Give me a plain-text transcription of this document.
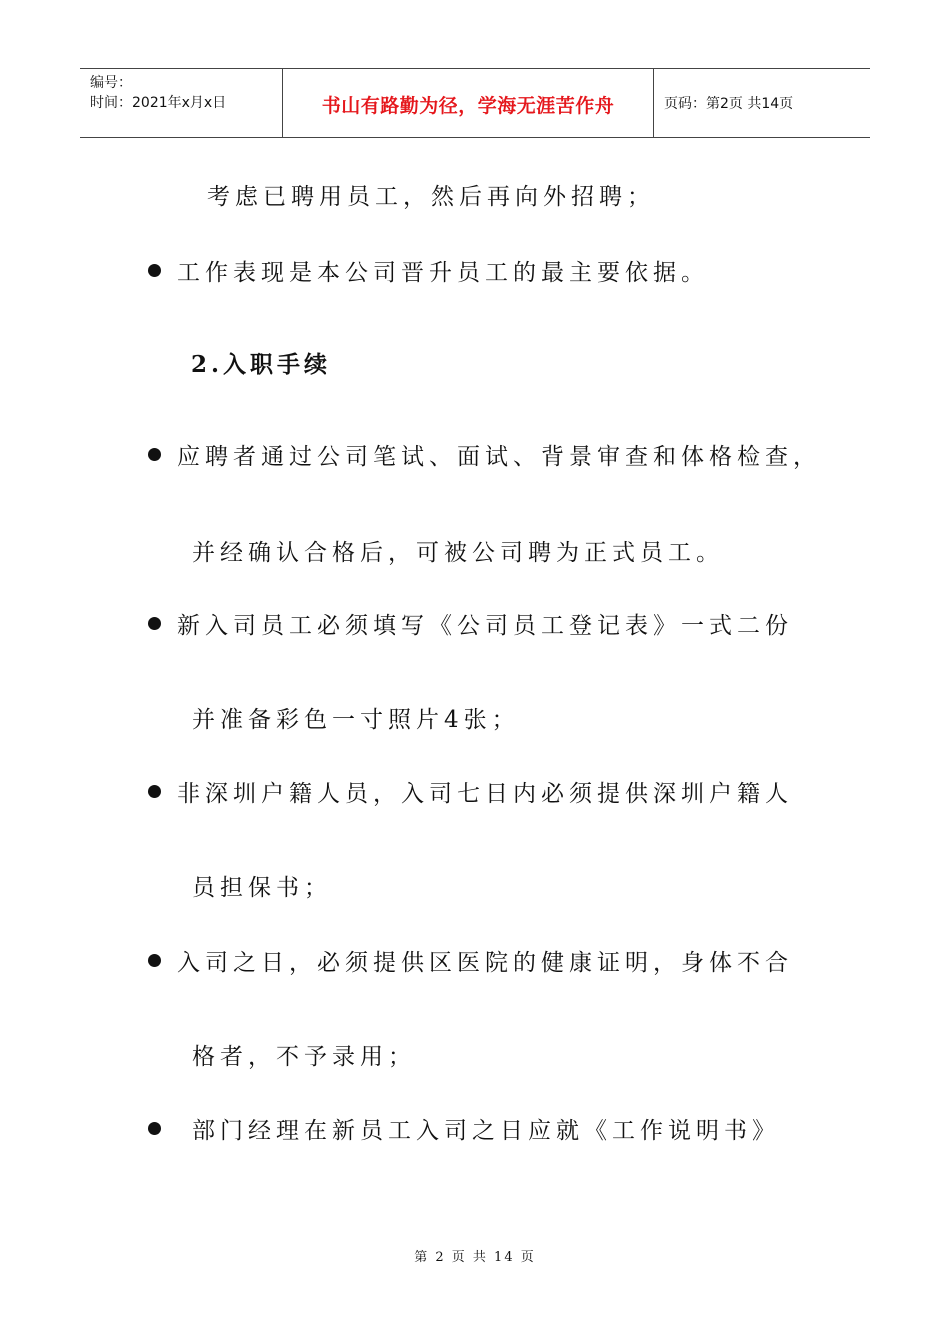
编号：
时间：2021年x月x日	书山有路勤为径，学海无涯苦作舟	页码：第2页 共14页
考虑已聘用员工，然后再向外招聘；
工作表现是本公司晋升员工的最主要依据。
2.入职手续
应聘者通过公司笔试、面试、背景审查和体格检查，
并经确认合格后，可被公司聘为正式员工。
新入司员工必须填写《公司员工登记表》一式二份
并准备彩色一寸照片4张；
非深圳户籍人员，入司七日内必须提供深圳户籍人
员担保书；
入司之日，必须提供区医院的健康证明，身体不合
格者，不予录用；
部门经理在新员工入司之日应就《工作说明书》
第 2 页 共 14 页
